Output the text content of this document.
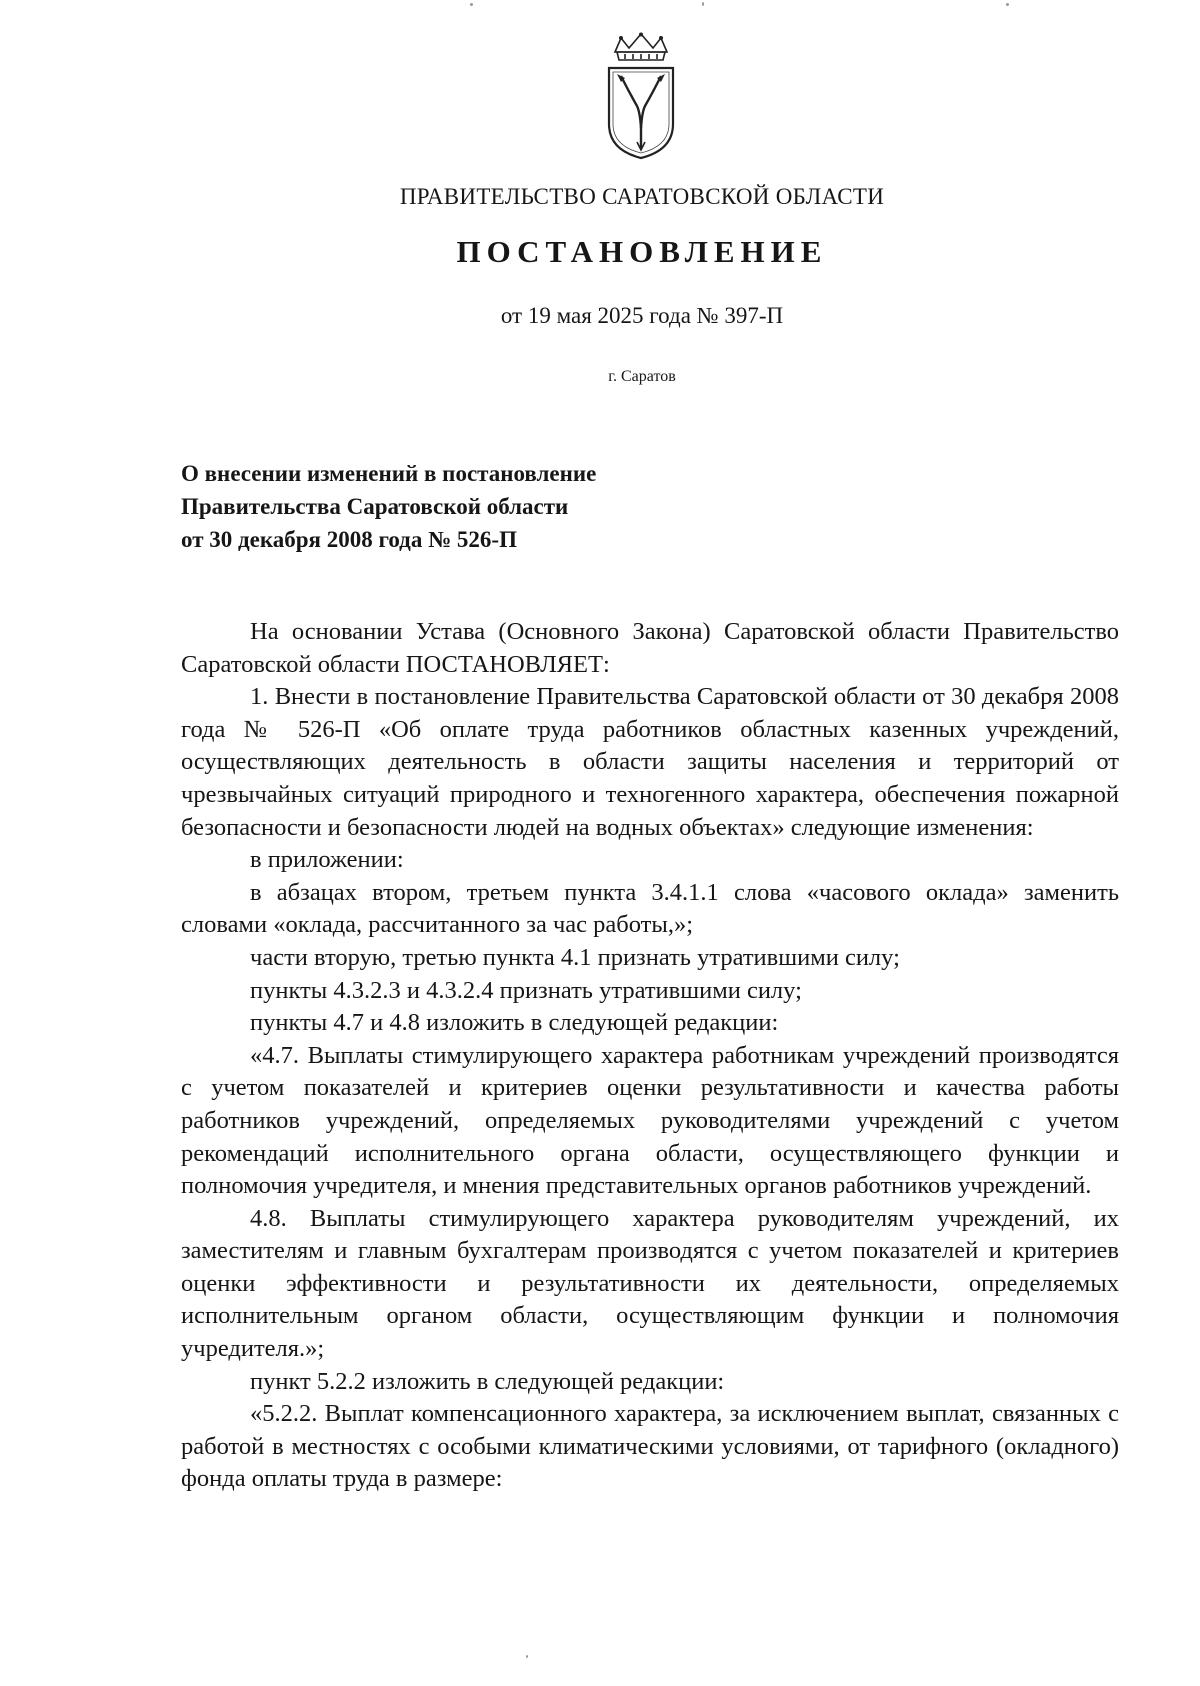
ПРАВИТЕЛЬСТВО САРАТОВСКОЙ ОБЛАСТИ
ПОСТАНОВЛЕНИЕ
от 19 мая 2025 года № 397-П
г. Саратов
О внесении изменений в постановление
Правительства Саратовской области
от 30 декабря 2008 года № 526-П

На основании Устава (Основного Закона) Саратовской области Правительство Саратовской области ПОСТАНОВЛЯЕТ:

1. Внести в постановление Правительства Саратовской области от 30 декабря 2008 года № 526-П «Об оплате труда работников областных казенных учреждений, осуществляющих деятельность в области защиты населения и территорий от чрезвычайных ситуаций природного и техногенного характера, обеспечения пожарной безопасности и безопасности людей на водных объектах» следующие изменения:

в приложении:

в абзацах втором, третьем пункта 3.4.1.1 слова «часового оклада» заменить словами «оклада, рассчитанного за час работы,»;

части вторую, третью пункта 4.1 признать утратившими силу;

пункты 4.3.2.3 и 4.3.2.4 признать утратившими силу;

пункты 4.7 и 4.8 изложить в следующей редакции:

«4.7. Выплаты стимулирующего характера работникам учреждений производятся с учетом показателей и критериев оценки результативности и качества работы работников учреждений, определяемых руководителями учреждений с учетом рекомендаций исполнительного органа области, осуществляющего функции и полномочия учредителя, и мнения представительных органов работников учреждений.

4.8. Выплаты стимулирующего характера руководителям учреждений, их заместителям и главным бухгалтерам производятся с учетом показателей и критериев оценки эффективности и результативности их деятельности, определяемых исполнительным органом области, осуществляющим функции и полномочия учредителя.»;

пункт 5.2.2 изложить в следующей редакции:

«5.2.2. Выплат компенсационного характера, за исключением выплат, связанных с работой в местностях с особыми климатическими условиями, от тарифного (окладного) фонда оплаты труда в размере:
